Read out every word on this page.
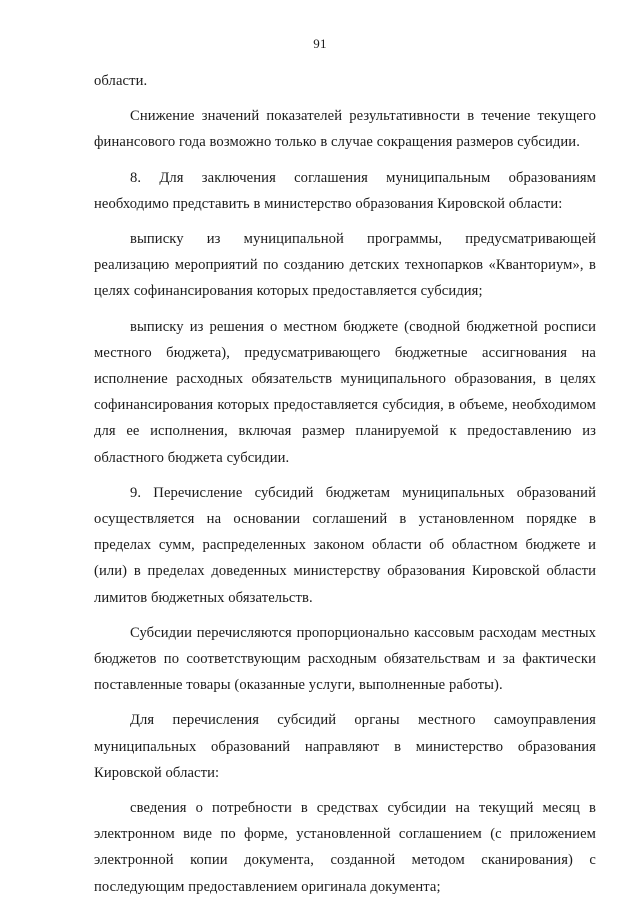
91

области.

Снижение значений показателей результативности в течение текущего финансового года возможно только в случае сокращения размеров субсидии.

8. Для заключения соглашения муниципальным образованиям необходимо представить в министерство образования Кировской области:

выписку из муниципальной программы, предусматривающей реализацию мероприятий по созданию детских технопарков «Кванториум», в целях софинансирования которых предоставляется субсидия;

выписку из решения о местном бюджете (сводной бюджетной росписи местного бюджета), предусматривающего бюджетные ассигнования на исполнение расходных обязательств муниципального образования, в целях софинансирования которых предоставляется субсидия, в объеме, необходимом для ее исполнения, включая размер планируемой к предоставлению из областного бюджета субсидии.

9. Перечисление субсидий бюджетам муниципальных образований осуществляется на основании соглашений в установленном порядке в пределах сумм, распределенных законом области об областном бюджете и (или) в пределах доведенных министерству образования Кировской области лимитов бюджетных обязательств.

Субсидии перечисляются пропорционально кассовым расходам местных бюджетов по соответствующим расходным обязательствам и за фактически поставленные товары (оказанные услуги, выполненные работы).

Для перечисления субсидий органы местного самоуправления муниципальных образований направляют в министерство образования Кировской области:

сведения о потребности в средствах субсидии на текущий месяц в электронном виде по форме, установленной соглашением (с приложением электронной копии документа, созданной методом сканирования) с последующим предоставлением оригинала документа;
